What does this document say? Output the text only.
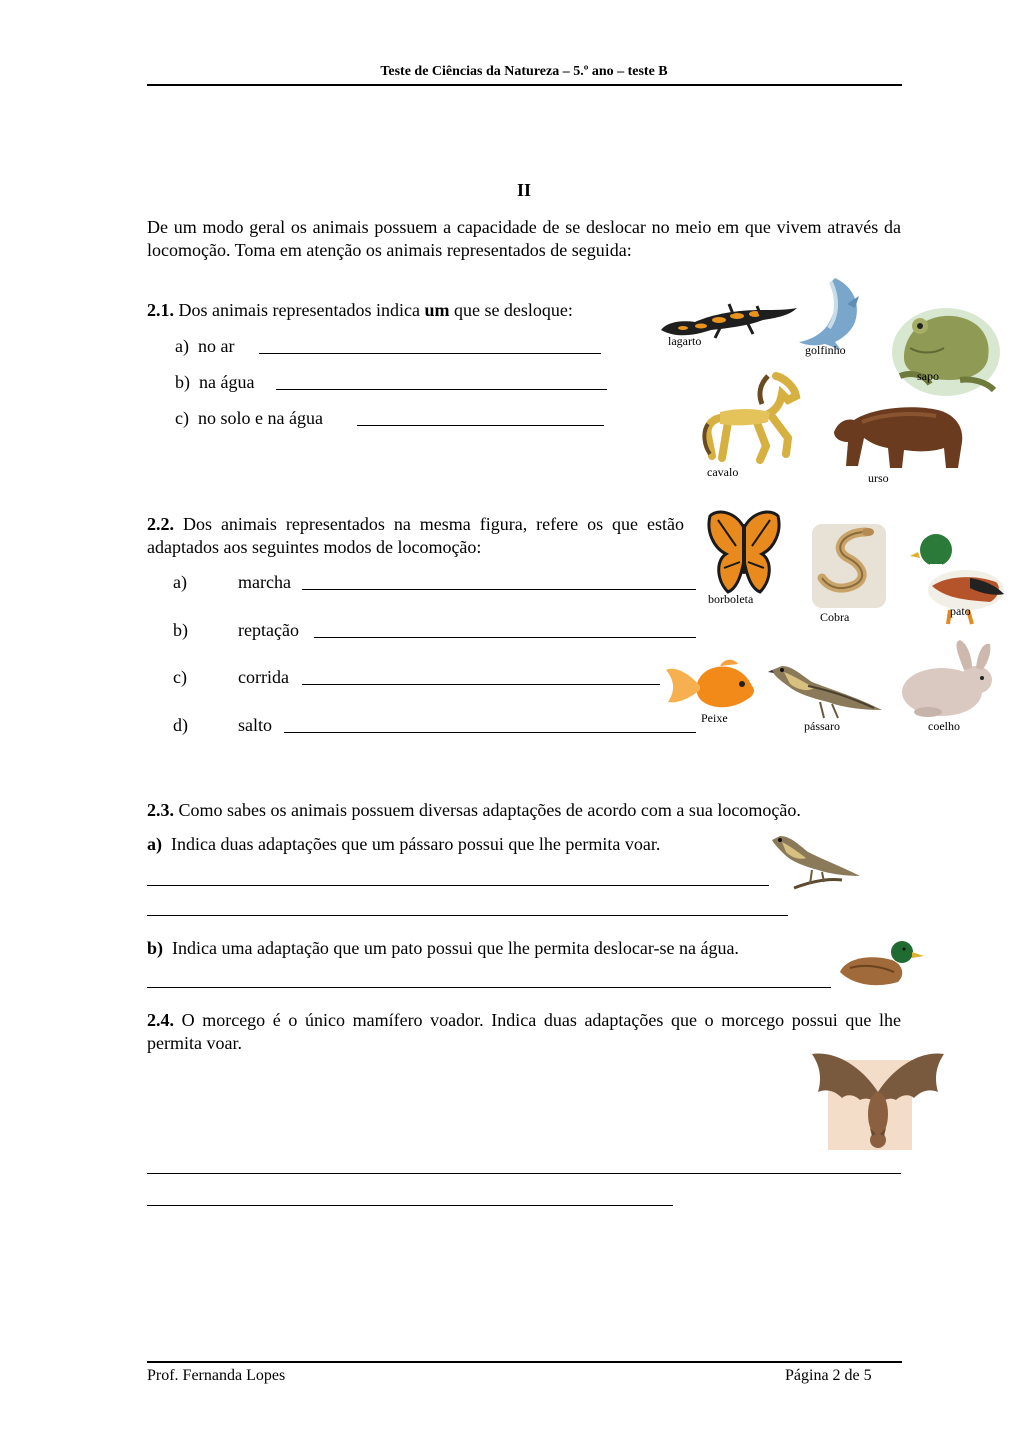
Teste de Ciências da Natureza – 5.º ano – teste B
II
De um modo geral os animais possuem a capacidade de se deslocar no meio em que vivem através da locomoção. Toma em atenção os animais representados de seguida:
2.1. Dos animais representados indica um que se desloque:
a) no ar
b) na água
c) no solo e na água
lagarto
golfinho
sapo
cavalo	urso
2.2. Dos animais representados na mesma figura, refere os que estão adaptados aos seguintes modos de locomoção:
a)	marcha
b)	reptação
c)	corrida
d)	salto
borboleta
Cobra	pato
Peixe
pássaro	coelho
2.3. Como sabes os animais possuem diversas adaptações de acordo com a sua locomoção.
a) Indica duas adaptações que um pássaro possui que lhe permita voar.
b) Indica uma adaptação que um pato possui que lhe permita deslocar-se na água.
2.4. O morcego é o único mamífero voador. Indica duas adaptações que o morcego possui que lhe permita voar.
Prof. Fernanda Lopes	Página 2 de 5
